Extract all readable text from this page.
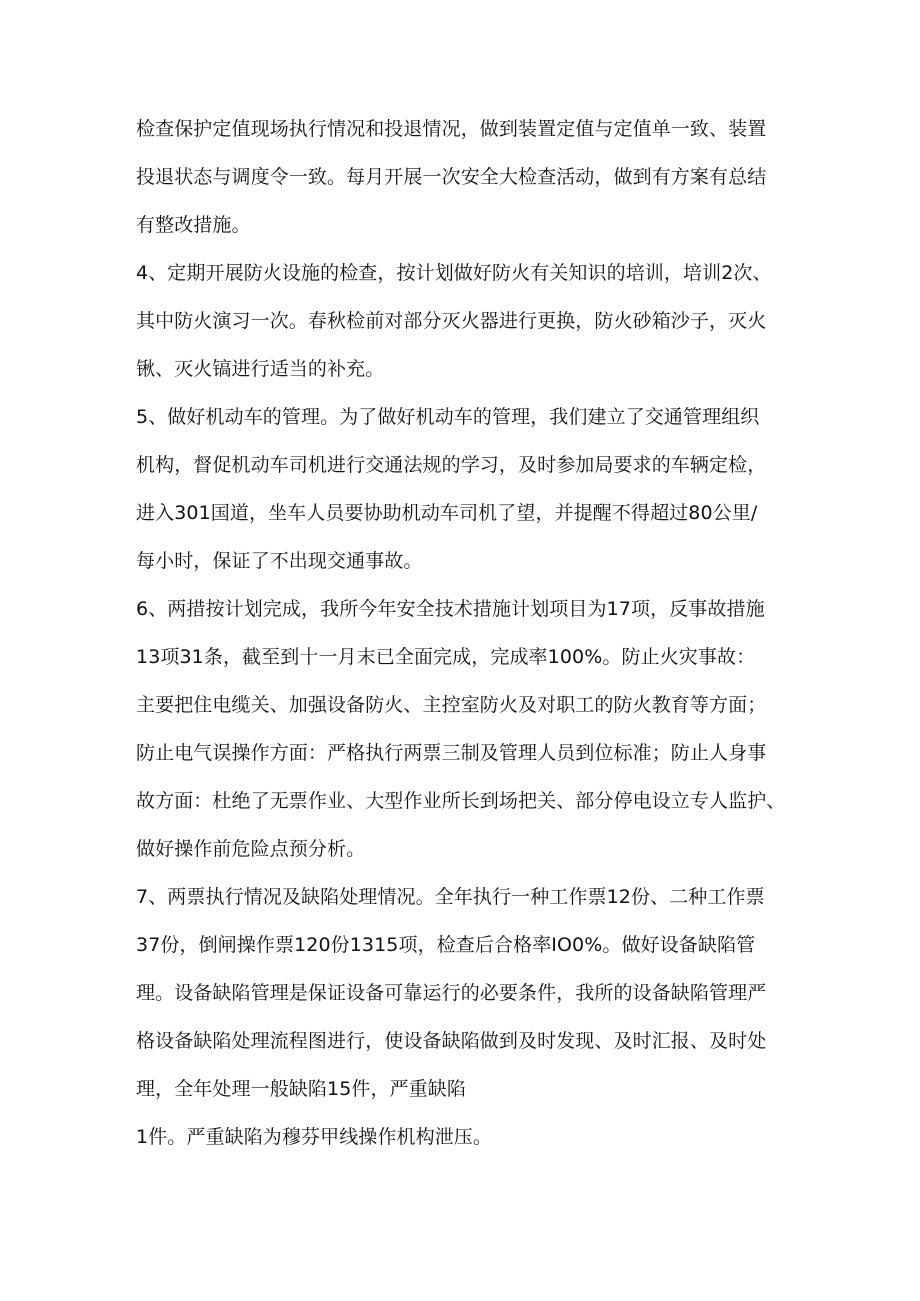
检查保护定值现场执行情况和投退情况，做到装置定值与定值单一致、装置
投退状态与调度令一致。每月开展一次安全大检查活动，做到有方案有总结
有整改措施。
4、定期开展防火设施的检查，按计划做好防火有关知识的培训，培训2次、
其中防火演习一次。春秋检前对部分灭火器进行更换，防火砂箱沙子，灭火
锹、灭火镐进行适当的补充。
5、做好机动车的管理。为了做好机动车的管理，我们建立了交通管理组织
机构，督促机动车司机进行交通法规的学习，及时参加局要求的车辆定检，
进入301国道，坐车人员要协助机动车司机了望，并提醒不得超过80公里/
每小时，保证了不出现交通事故。
6、两措按计划完成，我所今年安全技术措施计划项目为17项，反事故措施
13项31条，截至到十一月末已全面完成，完成率100%。防止火灾事故：
主要把住电缆关、加强设备防火、主控室防火及对职工的防火教育等方面；
防止电气误操作方面：严格执行两票三制及管理人员到位标准；防止人身事
故方面：杜绝了无票作业、大型作业所长到场把关、部分停电设立专人监护、
做好操作前危险点预分析。
7、两票执行情况及缺陷处理情况。全年执行一种工作票12份、二种工作票
37份，倒闸操作票120份1315项，检查后合格率IO0%。做好设备缺陷管
理。设备缺陷管理是保证设备可靠运行的必要条件，我所的设备缺陷管理严
格设备缺陷处理流程图进行，使设备缺陷做到及时发现、及时汇报、及时处
理，全年处理一般缺陷15件，严重缺陷
1件。严重缺陷为穆芬甲线操作机构泄压。
